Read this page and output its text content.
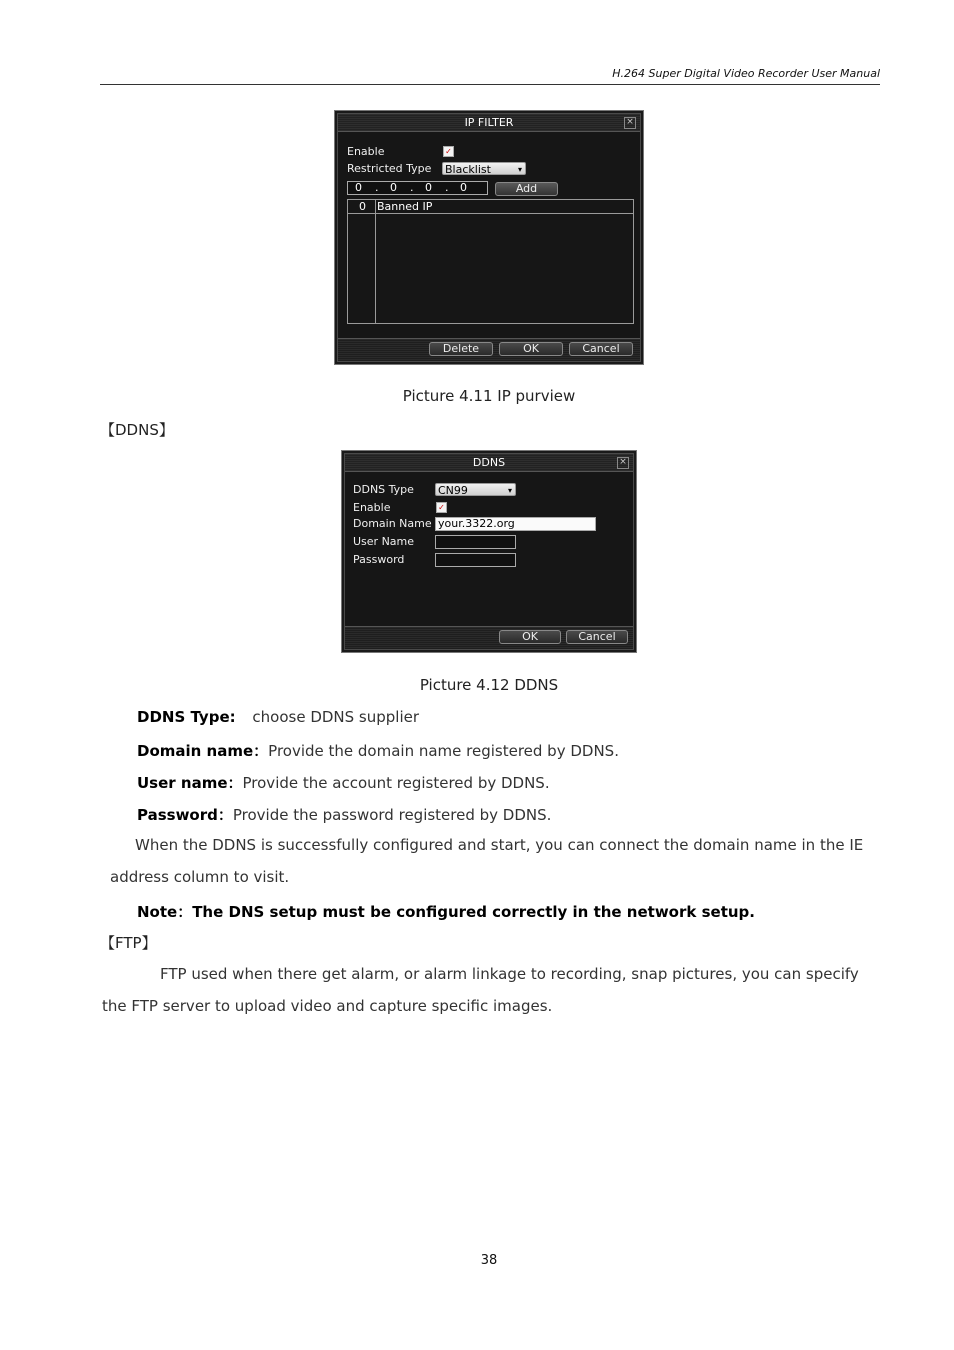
H.264 Super Digital Video Recorder User Manual
IP FILTER	×
Enable	✓
Restricted Type Blacklist	▾
0 . 0 . 0 . 0	Add
0 Banned IP
Delete	OK	Cancel
Picture 4.11 IP purview
【DDNS】
DDNS	×
DDNS Type CN99	▾
Enable	✓
Domain Name your.3322.org
User Name
Password
OK	Cancel
Picture 4.12 DDNS
DDNS Type: choose DDNS supplier
Domain name：Provide the domain name registered by DDNS.
User name：Provide the account registered by DDNS.
Password：Provide the password registered by DDNS.
When the DDNS is successfully configured and start, you can connect the domain name in the IE
address column to visit.
Note：The DNS setup must be configured correctly in the network setup.
【FTP】
FTP used when there get alarm, or alarm linkage to recording, snap pictures, you can specify
the FTP server to upload video and capture specific images.
38
